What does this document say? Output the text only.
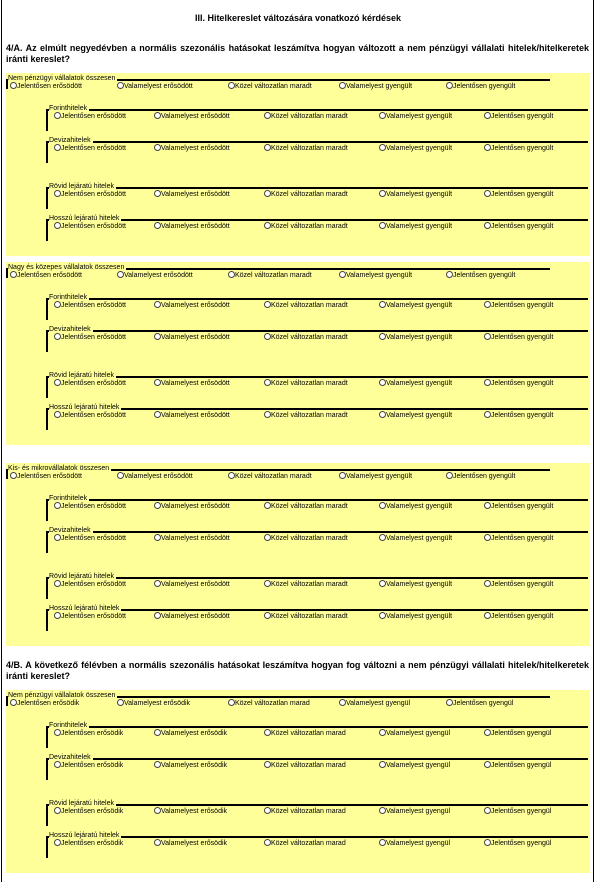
III. Hitelkereslet változására vonatkozó kérdések
4/A. Az elmúlt negyedévben a normális szezonális hatásokat leszámítva hogyan változott a nem pénzügyi vállalati hitelek/hitelkeretek iránti kereslet?
Nem pénzügyi vállalatok összesen
Jelentősen erősödött	Valamelyest erősödött	Közel változatlan maradt	Valamelyest gyengült	Jelentősen gyengült
Forinthitelek
Jelentősen erősödött	Valamelyest erősödött	Közel változatlan maradt	Valamelyest gyengült	Jelentősen gyengült
Devizahitelek
Jelentősen erősödött	Valamelyest erősödött	Közel változatlan maradt	Valamelyest gyengült	Jelentősen gyengült
Rövid lejáratú hitelek
Jelentősen erősödött	Valamelyest erősödött	Közel változatlan maradt	Valamelyest gyengült	Jelentősen gyengült
Hosszú lejáratú hitelek
Jelentősen erősödött	Valamelyest erősödött	Közel változatlan maradt	Valamelyest gyengült	Jelentősen gyengült
Nagy és közepes vállalatok összesen
Jelentősen erősödött	Valamelyest erősödött	Közel változatlan maradt	Valamelyest gyengült	Jelentősen gyengült
Forinthitelek
Jelentősen erősödött	Valamelyest erősödött	Közel változatlan maradt	Valamelyest gyengült	Jelentősen gyengült
Devizahitelek
Jelentősen erősödött	Valamelyest erősödött	Közel változatlan maradt	Valamelyest gyengült	Jelentősen gyengült
Rövid lejáratú hitelek
Jelentősen erősödött	Valamelyest erősödött	Közel változatlan maradt	Valamelyest gyengült	Jelentősen gyengült
Hosszú lejáratú hitelek
Jelentősen erősödött	Valamelyest erősödött	Közel változatlan maradt	Valamelyest gyengült	Jelentősen gyengült
Kis- és mikrovállalatok összesen
Jelentősen erősödött	Valamelyest erősödött	Közel változatlan maradt	Valamelyest gyengült	Jelentősen gyengült
Forinthitelek
Jelentősen erősödött	Valamelyest erősödött	Közel változatlan maradt	Valamelyest gyengült	Jelentősen gyengült
Devizahitelek
Jelentősen erősödött	Valamelyest erősödött	Közel változatlan maradt	Valamelyest gyengült	Jelentősen gyengült
Rövid lejáratú hitelek
Jelentősen erősödött	Valamelyest erősödött	Közel változatlan maradt	Valamelyest gyengült	Jelentősen gyengült
Hosszú lejáratú hitelek
Jelentősen erősödött	Valamelyest erősödött	Közel változatlan maradt	Valamelyest gyengült	Jelentősen gyengült
4/B. A következő félévben a normális szezonális hatásokat leszámítva hogyan fog változni a nem pénzügyi vállalati hitelek/hitelkeretek iránti kereslet?
Nem pénzügyi vállalatok összesen
Jelentősen erősödik	Valamelyest erősödik	Közel változatlan marad	Valamelyest gyengül	Jelentősen gyengül
Forinthitelek
Jelentősen erősödik	Valamelyest erősödik	Közel változatlan marad	Valamelyest gyengül	Jelentősen gyengül
Devizahitelek
Jelentősen erősödik	Valamelyest erősödik	Közel változatlan marad	Valamelyest gyengül	Jelentősen gyengül
Rövid lejáratú hitelek
Jelentősen erősödik	Valamelyest erősödik	Közel változatlan marad	Valamelyest gyengül	Jelentősen gyengül
Hosszú lejáratú hitelek
Jelentősen erősödik	Valamelyest erősödik	Közel változatlan marad	Valamelyest gyengül	Jelentősen gyengül
